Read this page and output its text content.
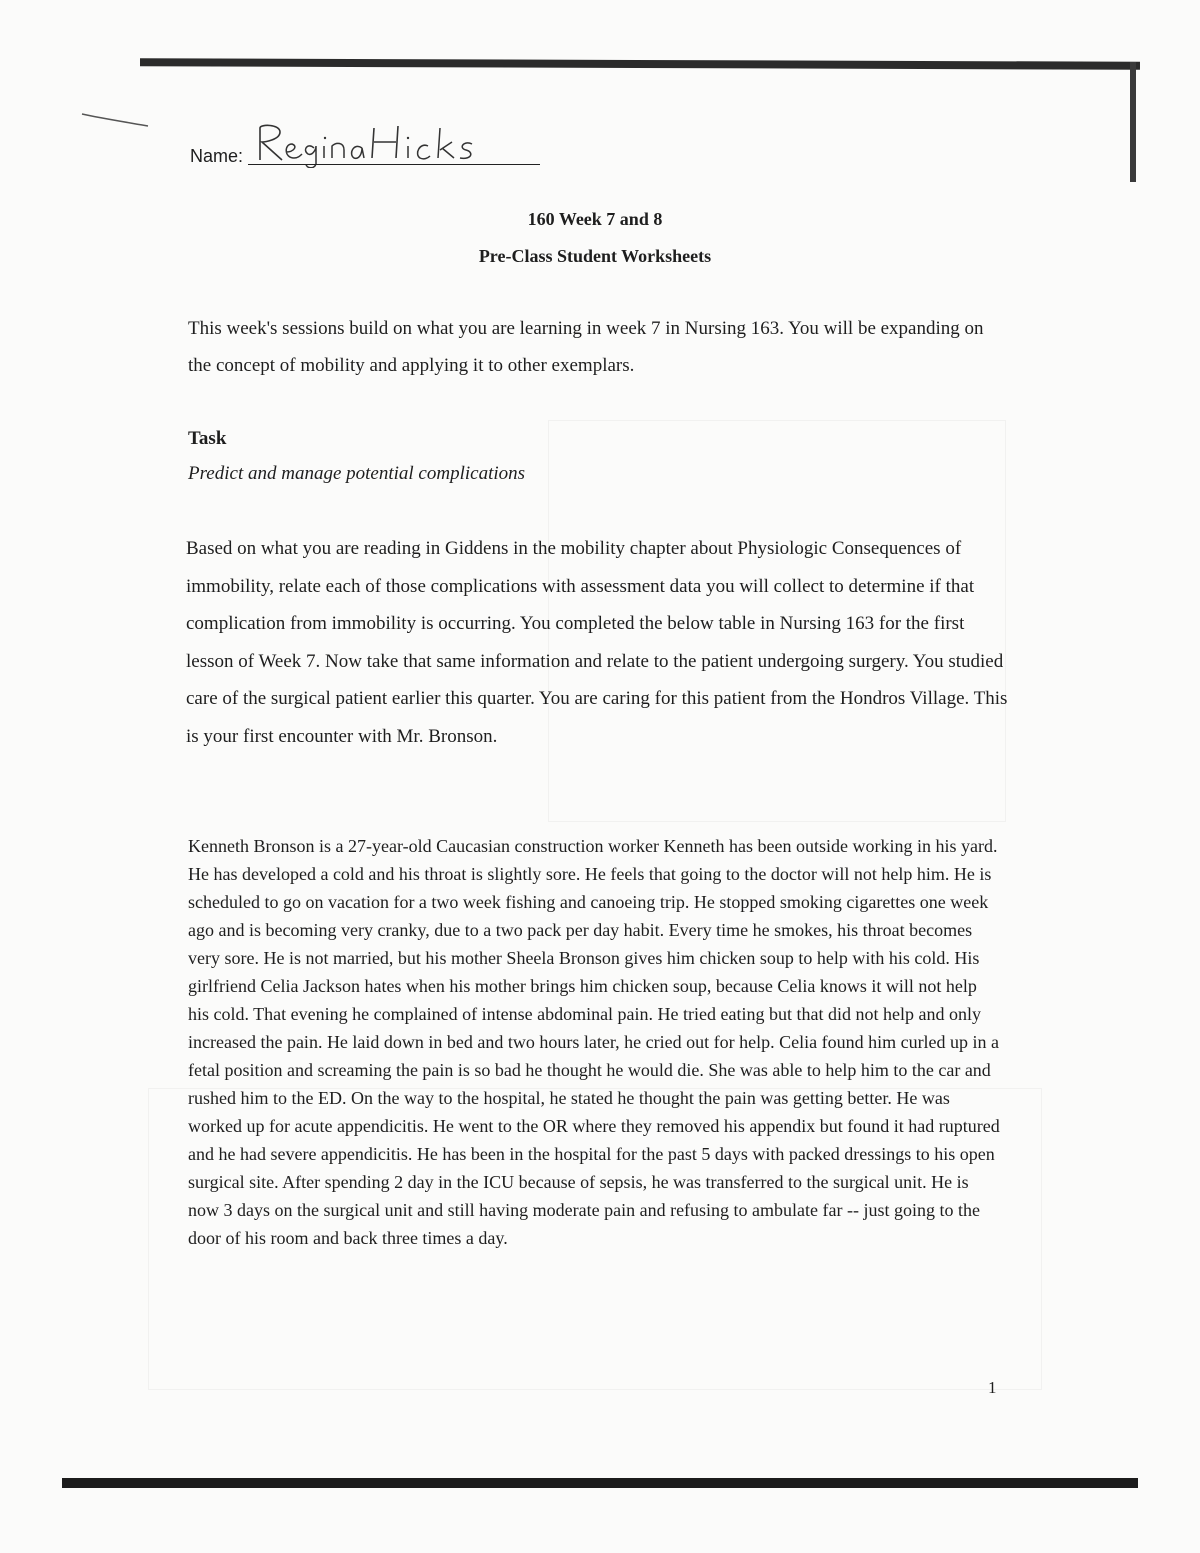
Name:
160 Week 7 and 8
Pre-Class Student Worksheets
This week's sessions build on what you are learning in week 7 in Nursing 163. You will be expanding on the concept of mobility and applying it to other exemplars.
Task
Predict and manage potential complications
Based on what you are reading in Giddens in the mobility chapter about Physiologic Consequences of immobility, relate each of those complications with assessment data you will collect to determine if that complication from immobility is occurring. You completed the below table in Nursing 163 for the first lesson of Week 7. Now take that same information and relate to the patient undergoing surgery. You studied care of the surgical patient earlier this quarter. You are caring for this patient from the Hondros Village. This is your first encounter with Mr. Bronson.
Kenneth Bronson is a 27-year-old Caucasian construction worker Kenneth has been outside working in his yard. He has developed a cold and his throat is slightly sore. He feels that going to the doctor will not help him. He is scheduled to go on vacation for a two week fishing and canoeing trip. He stopped smoking cigarettes one week ago and is becoming very cranky, due to a two pack per day habit. Every time he smokes, his throat becomes very sore. He is not married, but his mother Sheela Bronson gives him chicken soup to help with his cold. His girlfriend Celia Jackson hates when his mother brings him chicken soup, because Celia knows it will not help his cold. That evening he complained of intense abdominal pain. He tried eating but that did not help and only increased the pain. He laid down in bed and two hours later, he cried out for help. Celia found him curled up in a fetal position and screaming the pain is so bad he thought he would die. She was able to help him to the car and rushed him to the ED. On the way to the hospital, he stated he thought the pain was getting better. He was worked up for acute appendicitis. He went to the OR where they removed his appendix but found it had ruptured and he had severe appendicitis. He has been in the hospital for the past 5 days with packed dressings to his open surgical site. After spending 2 day in the ICU because of sepsis, he was transferred to the surgical unit. He is now 3 days on the surgical unit and still having moderate pain and refusing to ambulate far -- just going to the door of his room and back three times a day.
1
